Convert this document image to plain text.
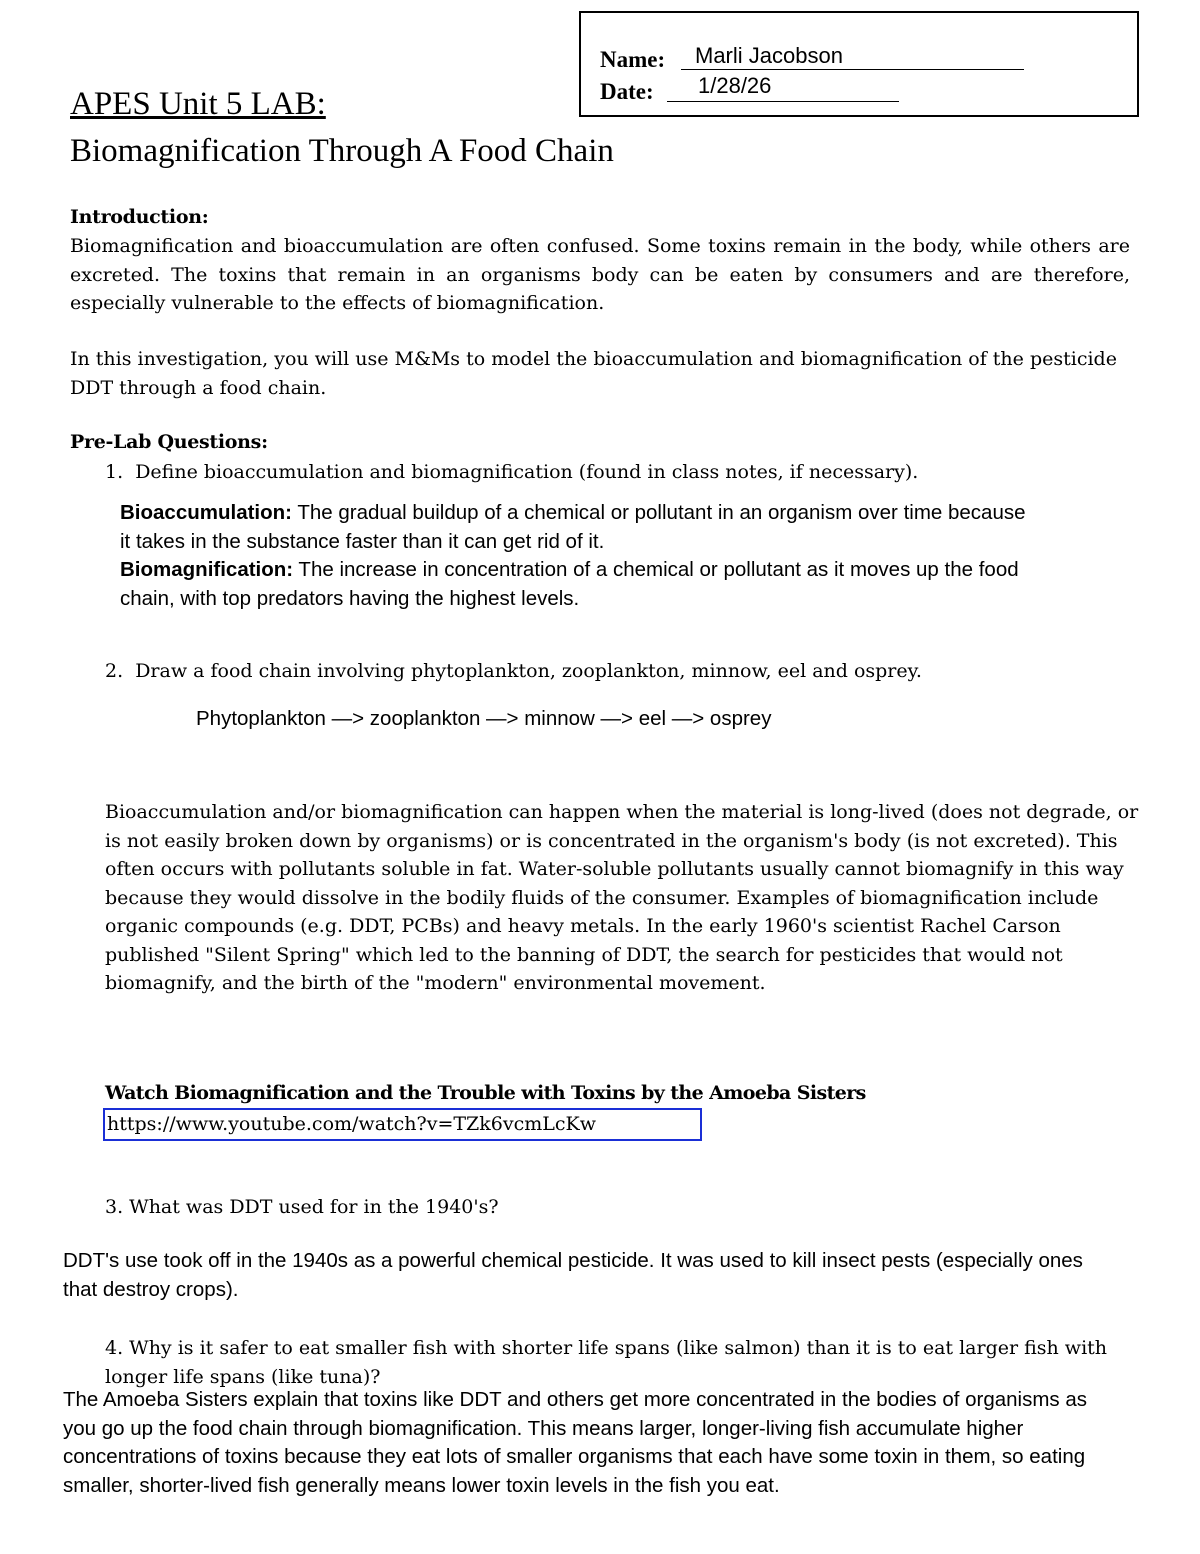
Name: Marli Jacobson
Date: 1/28/26
APES Unit 5 LAB:
Biomagnification Through A Food Chain
Introduction:

Biomagnification and bioaccumulation are often confused. Some toxins remain in the body, while others are excreted. The toxins that remain in an organisms body can be eaten by consumers and are therefore, especially vulnerable to the effects of biomagnification.

In this investigation, you will use M&Ms to model the bioaccumulation and biomagnification of the pesticide DDT through a food chain.

Pre-Lab Questions:
1. Define bioaccumulation and biomagnification (found in class notes, if necessary).
Bioaccumulation: The gradual buildup of a chemical or pollutant in an organism over time because it takes in the substance faster than it can get rid of it.
Biomagnification: The increase in concentration of a chemical or pollutant as it moves up the food chain, with top predators having the highest levels.
2. Draw a food chain involving phytoplankton, zooplankton, minnow, eel and osprey.
Phytoplankton —> zooplankton —> minnow —> eel —> osprey

Bioaccumulation and/or biomagnification can happen when the material is long-lived (does not degrade, or is not easily broken down by organisms) or is concentrated in the organism's body (is not excreted). This often occurs with pollutants soluble in fat. Water-soluble pollutants usually cannot biomagnify in this way because they would dissolve in the bodily fluids of the consumer. Examples of biomagnification include organic compounds (e.g. DDT, PCBs) and heavy metals. In the early 1960's scientist Rachel Carson published "Silent Spring" which led to the banning of DDT, the search for pesticides that would not biomagnify, and the birth of the "modern" environmental movement.

Watch Biomagnification and the Trouble with Toxins by the Amoeba Sisters
https://www.youtube.com/watch?v=TZk6vcmLcKw
3. What was DDT used for in the 1940's?

DDT's use took off in the 1940s as a powerful chemical pesticide. It was used to kill insect pests (especially ones that destroy crops).

4. Why is it safer to eat smaller fish with shorter life spans (like salmon) than it is to eat larger fish with longer life spans (like tuna)?

The Amoeba Sisters explain that toxins like DDT and others get more concentrated in the bodies of organisms as you go up the food chain through biomagnification. This means larger, longer-living fish accumulate higher concentrations of toxins because they eat lots of smaller organisms that each have some toxin in them, so eating smaller, shorter-lived fish generally means lower toxin levels in the fish you eat.
